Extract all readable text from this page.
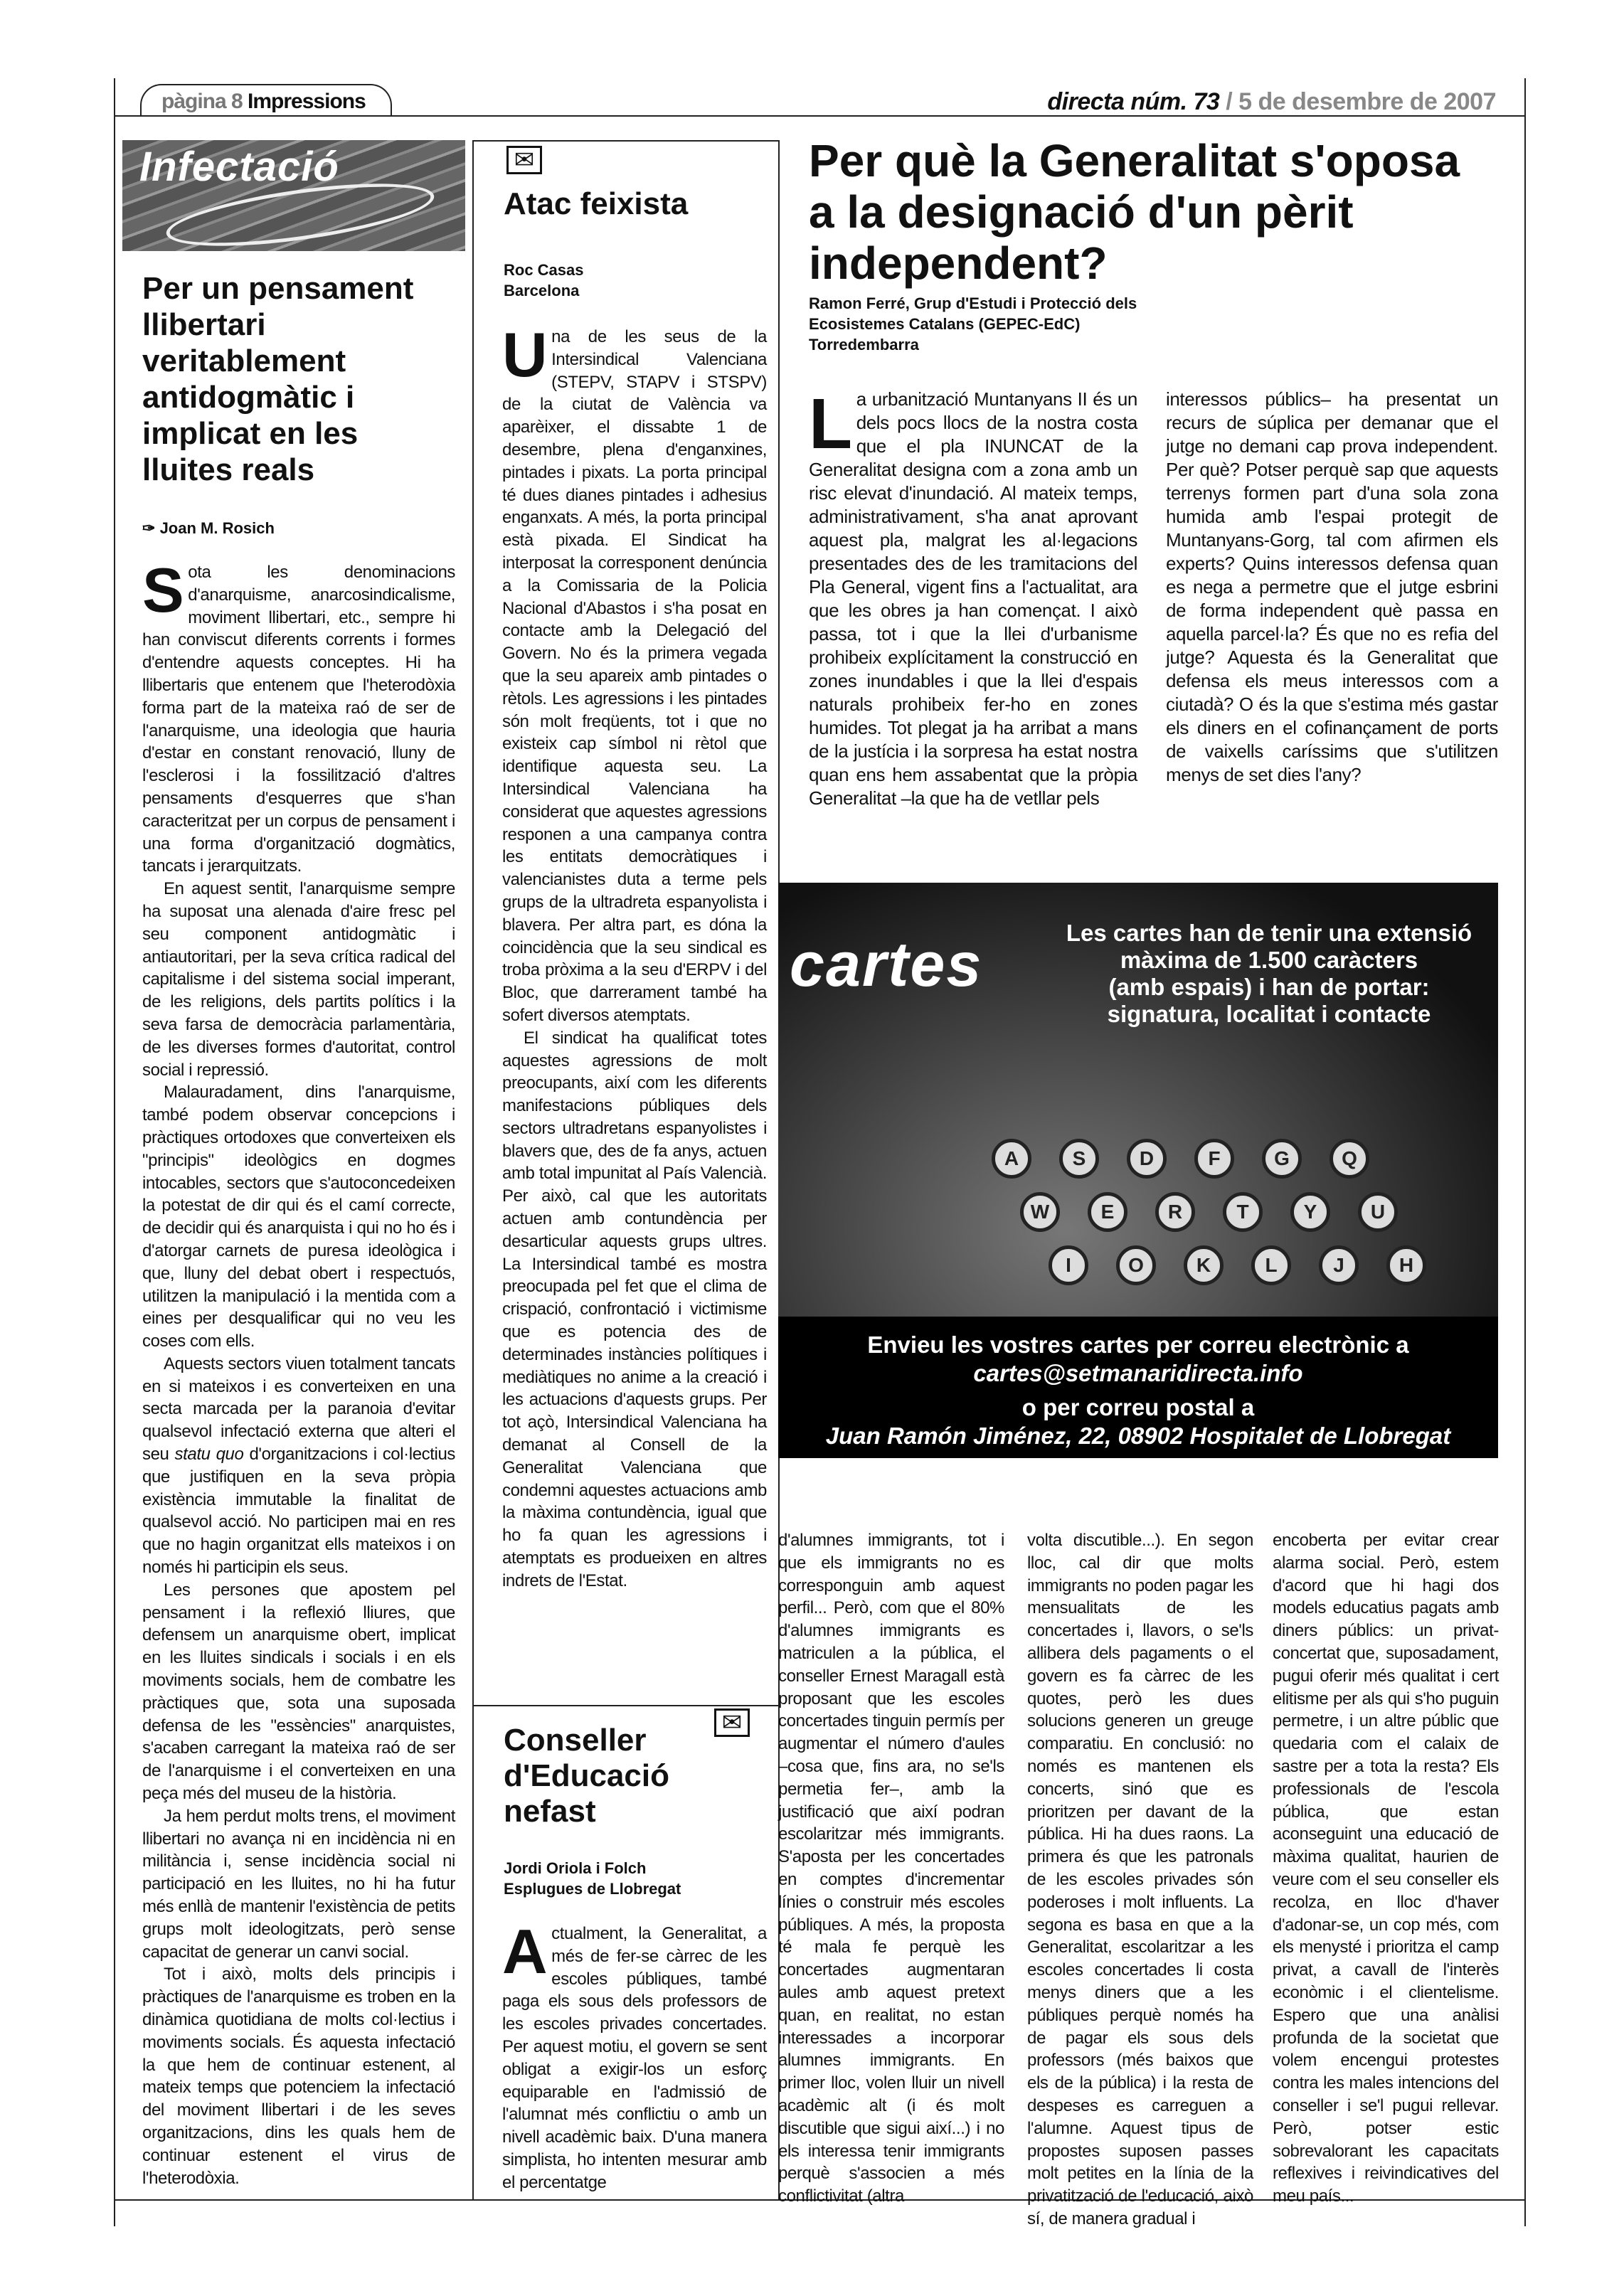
pàgina 8 Impressions	directa núm. 73 / 5 de desembre de 2007
Infectació
Per un pensament llibertari veritablement antidogmàtic i implicat en les lluites reals
✑ Joan M. Rosich

Sota les denominacions d'anarquisme, anarcosindicalisme, moviment llibertari, etc., sempre hi han conviscut diferents corrents i formes d'entendre aquests conceptes. Hi ha llibertaris que entenem que l'heterodòxia forma part de la mateixa raó de ser de l'anarquisme, una ideologia que hauria d'estar en constant renovació, lluny de l'esclerosi i la fossilització d'altres pensaments d'esquerres que s'han caracteritzat per un corpus de pensament i una forma d'organització dogmàtics, tancats i jerarquitzats.

En aquest sentit, l'anarquisme sempre ha suposat una alenada d'aire fresc pel seu component antidogmàtic i antiautoritari, per la seva crítica radical del capitalisme i del sistema social imperant, de les religions, dels partits polítics i la seva farsa de democràcia parlamentària, de les diverses formes d'autoritat, control social i repressió.

Malauradament, dins l'anarquisme, també podem observar concepcions i pràctiques ortodoxes que converteixen els "principis" ideològics en dogmes intocables, sectors que s'autoconcedeixen la potestat de dir qui és el camí correcte, de decidir qui és anarquista i qui no ho és i d'atorgar carnets de puresa ideològica i que, lluny del debat obert i respectuós, utilitzen la manipulació i la mentida com a eines per desqualificar qui no veu les coses com ells.

Aquests sectors viuen totalment tancats en si mateixos i es converteixen en una secta marcada per la paranoia d'evitar qualsevol infectació externa que alteri el seu statu quo d'organitzacions i col·lectius que justifiquen en la seva pròpia existència immutable la finalitat de qualsevol acció. No participen mai en res que no hagin organitzat ells mateixos i on només hi participin els seus.

Les persones que apostem pel pensament i la reflexió lliures, que defensem un anarquisme obert, implicat en les lluites sindicals i socials i en els moviments socials, hem de combatre les pràctiques que, sota una suposada defensa de les "essències" anarquistes, s'acaben carregant la mateixa raó de ser de l'anarquisme i el converteixen en una peça més del museu de la història.

Ja hem perdut molts trens, el moviment llibertari no avança ni en incidència ni en militància i, sense incidència social ni participació en les lluites, no hi ha futur més enllà de mantenir l'existència de petits grups molt ideologitzats, però sense capacitat de generar un canvi social.

Tot i això, molts dels principis i pràctiques de l'anarquisme es troben en la dinàmica quotidiana de molts col·lectius i moviments socials. És aquesta infectació la que hem de continuar estenent, al mateix temps que potenciem la infectació del moviment llibertari i de les seves organitzacions, dins les quals hem de continuar estenent el virus de l'heterodòxia.

✉
Atac feixista
Roc Casas
Barcelona

Una de les seus de la Intersindical Valenciana (STEPV, STAPV i STSPV) de la ciutat de València va aparèixer, el dissabte 1 de desembre, plena d'enganxines, pintades i pixats. La porta principal té dues dianes pintades i adhesius enganxats. A més, la porta principal està pixada. El Sindicat ha interposat la corresponent denúncia a la Comissaria de la Policia Nacional d'Abastos i s'ha posat en contacte amb la Delegació del Govern. No és la primera vegada que la seu apareix amb pintades o rètols. Les agressions i les pintades són molt freqüents, tot i que no existeix cap símbol ni rètol que identifique aquesta seu. La Intersindical Valenciana ha considerat que aquestes agressions responen a una campanya contra les entitats democràtiques i valencianistes duta a terme pels grups de la ultradreta espanyolista i blavera. Per altra part, es dóna la coincidència que la seu sindical es troba pròxima a la seu d'ERPV i del Bloc, que darrerament també ha sofert diversos atemptats.

El sindicat ha qualificat totes aquestes agressions de molt preocupants, així com les diferents manifestacions públiques dels sectors ultradretans espanyolistes i blavers que, des de fa anys, actuen amb total impunitat al País Valencià. Per això, cal que les autoritats actuen amb contundència per desarticular aquests grups ultres. La Intersindical també es mostra preocupada pel fet que el clima de crispació, confrontació i victimisme que es potencia des de determinades instàncies polítiques i mediàtiques no anime a la creació i les actuacions d'aquests grups. Per tot açò, Intersindical Valenciana ha demanat al Consell de la Generalitat Valenciana que condemni aquestes actuacions amb la màxima contundència, igual que ho fa quan les agressions i atemptats es produeixen en altres indrets de l'Estat.

Per què la Generalitat s'oposa a la designació d'un pèrit independent?
Ramon Ferré, Grup d'Estudi i Protecció dels Ecosistemes Catalans (GEPEC-EdC)
Torredembarra

La urbanització Muntanyans II és un dels pocs llocs de la nostra costa que el pla INUNCAT de la Generalitat designa com a zona amb un risc elevat d'inundació. Al mateix temps, administrativament, s'ha anat aprovant aquest pla, malgrat les al·legacions presentades des de les tramitacions del Pla General, vigent fins a l'actualitat, ara que les obres ja han començat. I això passa, tot i que la llei d'urbanisme prohibeix explícitament la construcció en zones inundables i que la llei d'espais naturals prohibeix fer-ho en zones humides. Tot plegat ja ha arribat a mans de la justícia i la sorpresa ha estat nostra quan ens hem assabentat que la pròpia Generalitat –la que ha de vetllar pels

interessos públics– ha presentat un recurs de súplica per demanar que el jutge no demani cap prova independent. Per què? Potser perquè sap que aquests terrenys formen part d'una sola zona humida amb l'espai protegit de Muntanyans-Gorg, tal com afirmen els experts? Quins interessos defensa quan es nega a permetre que el jutge esbrini de forma independent què passa en aquella parcel·la? És que no es refia del jutge? Aquesta és la Generalitat que defensa els meus interessos com a ciutadà? O és la que s'estima més gastar els diners en el cofinançament de ports de vaixells caríssims que s'utilitzen menys de set dies l'any?

A	S	D	F	G	Q
W	E	R	T	Y	U
I	O	K	L	J	H
cartes	Les cartes han de tenir una extensió
màxima de 1.500 caràcters
(amb espais) i han de portar:
signatura, localitat i contacte
Envieu les vostres cartes per correu electrònic a
cartes@setmanaridirecta.info
o per correu postal a
Juan Ramón Jiménez, 22, 08902 Hospitalet de Llobregat
✉
Conseller d'Educació nefast
Jordi Oriola i Folch
Esplugues de Llobregat

Actualment, la Generalitat, a més de fer-se càrrec de les escoles públiques, també paga els sous dels professors de les escoles privades concertades. Per aquest motiu, el govern se sent obligat a exigir-los un esforç equiparable en l'admissió de l'alumnat més conflictiu o amb un nivell acadèmic baix. D'una manera simplista, ho intenten mesurar amb el percentatge

d'alumnes immigrants, tot i que els immigrants no es corresponguin amb aquest perfil... Però, com que el 80% d'alumnes immigrants es matriculen a la pública, el conseller Ernest Maragall està proposant que les escoles concertades tinguin permís per augmentar el número d'aules –cosa que, fins ara, no se'ls permetia fer–, amb la justificació que així podran escolaritzar més immigrants. S'aposta per les concertades en comptes d'incrementar línies o construir més escoles públiques. A més, la proposta té mala fe perquè les concertades augmentaran aules amb aquest pretext quan, en realitat, no estan interessades a incorporar alumnes immigrants. En primer lloc, volen lluir un nivell acadèmic alt (i és molt discutible que sigui així...) i no els interessa tenir immigrants perquè s'associen a més conflictivitat (altra

volta discutible...). En segon lloc, cal dir que molts immigrants no poden pagar les mensualitats de les concertades i, llavors, o se'ls allibera dels pagaments o el govern es fa càrrec de les quotes, però les dues solucions generen un greuge comparatiu. En conclusió: no només es mantenen els concerts, sinó que es prioritzen per davant de la pública. Hi ha dues raons. La primera és que les patronals de les escoles privades són poderoses i molt influents. La segona es basa en que a la Generalitat, escolaritzar a les escoles concertades li costa menys diners que a les públiques perquè només ha de pagar els sous dels professors (més baixos que els de la pública) i la resta de despeses es carreguen a l'alumne. Aquest tipus de propostes suposen passes molt petites en la línia de la privatització de l'educació, això sí, de manera gradual i

encoberta per evitar crear alarma social. Però, estem d'acord que hi hagi dos models educatius pagats amb diners públics: un privat-concertat que, suposadament, pugui oferir més qualitat i cert elitisme per als qui s'ho puguin permetre, i un altre públic que quedaria com el calaix de sastre per a tota la resta? Els professionals de l'escola pública, que estan aconseguint una educació de màxima qualitat, haurien de veure com el seu conseller els recolza, en lloc d'haver d'adonar-se, un cop més, com els menysté i prioritza el camp privat, a cavall de l'interès econòmic i el clientelisme. Espero que una anàlisi profunda de la societat que volem encengui protestes contra les males intencions del conseller i se'l pugui rellevar. Però, potser estic sobrevalorant les capacitats reflexives i reivindicatives del meu país...
